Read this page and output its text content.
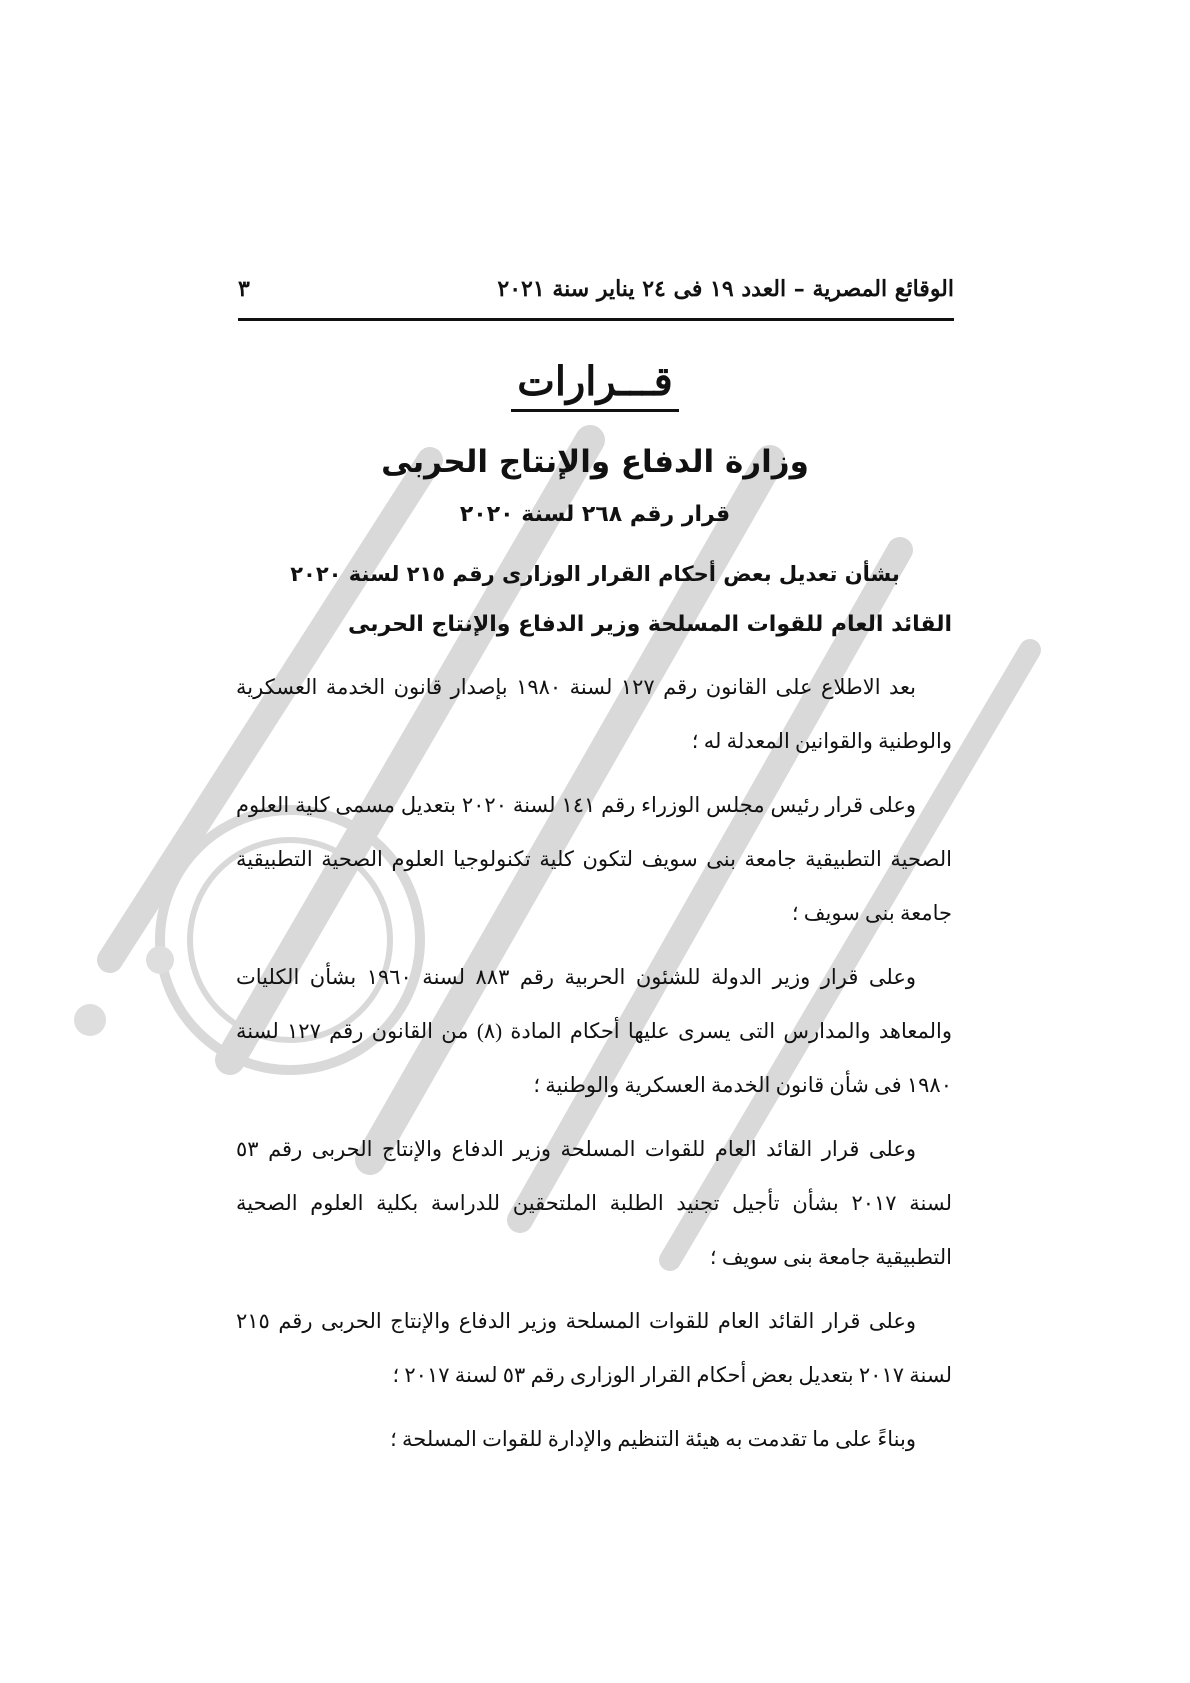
الوقائع المصرية – العدد ١٩ فى ٢٤ يناير سنة ٢٠٢١
٣
قـــرارات
وزارة الدفاع والإنتاج الحربى
قرار رقم ٢٦٨ لسنة ٢٠٢٠
بشأن تعديل بعض أحكام القرار الوزارى رقم ٢١٥ لسنة ٢٠٢٠
القائد العام للقوات المسلحة وزير الدفاع والإنتاج الحربى

بعد الاطلاع على القانون رقم ١٢٧ لسنة ١٩٨٠ بإصدار قانون الخدمة العسكرية والوطنية والقوانين المعدلة له ؛

وعلى قرار رئيس مجلس الوزراء رقم ١٤١ لسنة ٢٠٢٠ بتعديل مسمى كلية العلوم الصحية التطبيقية جامعة بنى سويف لتكون كلية تكنولوجيا العلوم الصحية التطبيقية جامعة بنى سويف ؛

وعلى قرار وزير الدولة للشئون الحربية رقم ٨٨٣ لسنة ١٩٦٠ بشأن الكليات والمعاهد والمدارس التى يسرى عليها أحكام المادة (٨) من القانون رقم ١٢٧ لسنة ١٩٨٠ فى شأن قانون الخدمة العسكرية والوطنية ؛

وعلى قرار القائد العام للقوات المسلحة وزير الدفاع والإنتاج الحربى رقم ٥٣ لسنة ٢٠١٧ بشأن تأجيل تجنيد الطلبة الملتحقين للدراسة بكلية العلوم الصحية التطبيقية جامعة بنى سويف ؛

وعلى قرار القائد العام للقوات المسلحة وزير الدفاع والإنتاج الحربى رقم ٢١٥ لسنة ٢٠١٧ بتعديل بعض أحكام القرار الوزارى رقم ٥٣ لسنة ٢٠١٧ ؛

وبناءً على ما تقدمت به هيئة التنظيم والإدارة للقوات المسلحة ؛
